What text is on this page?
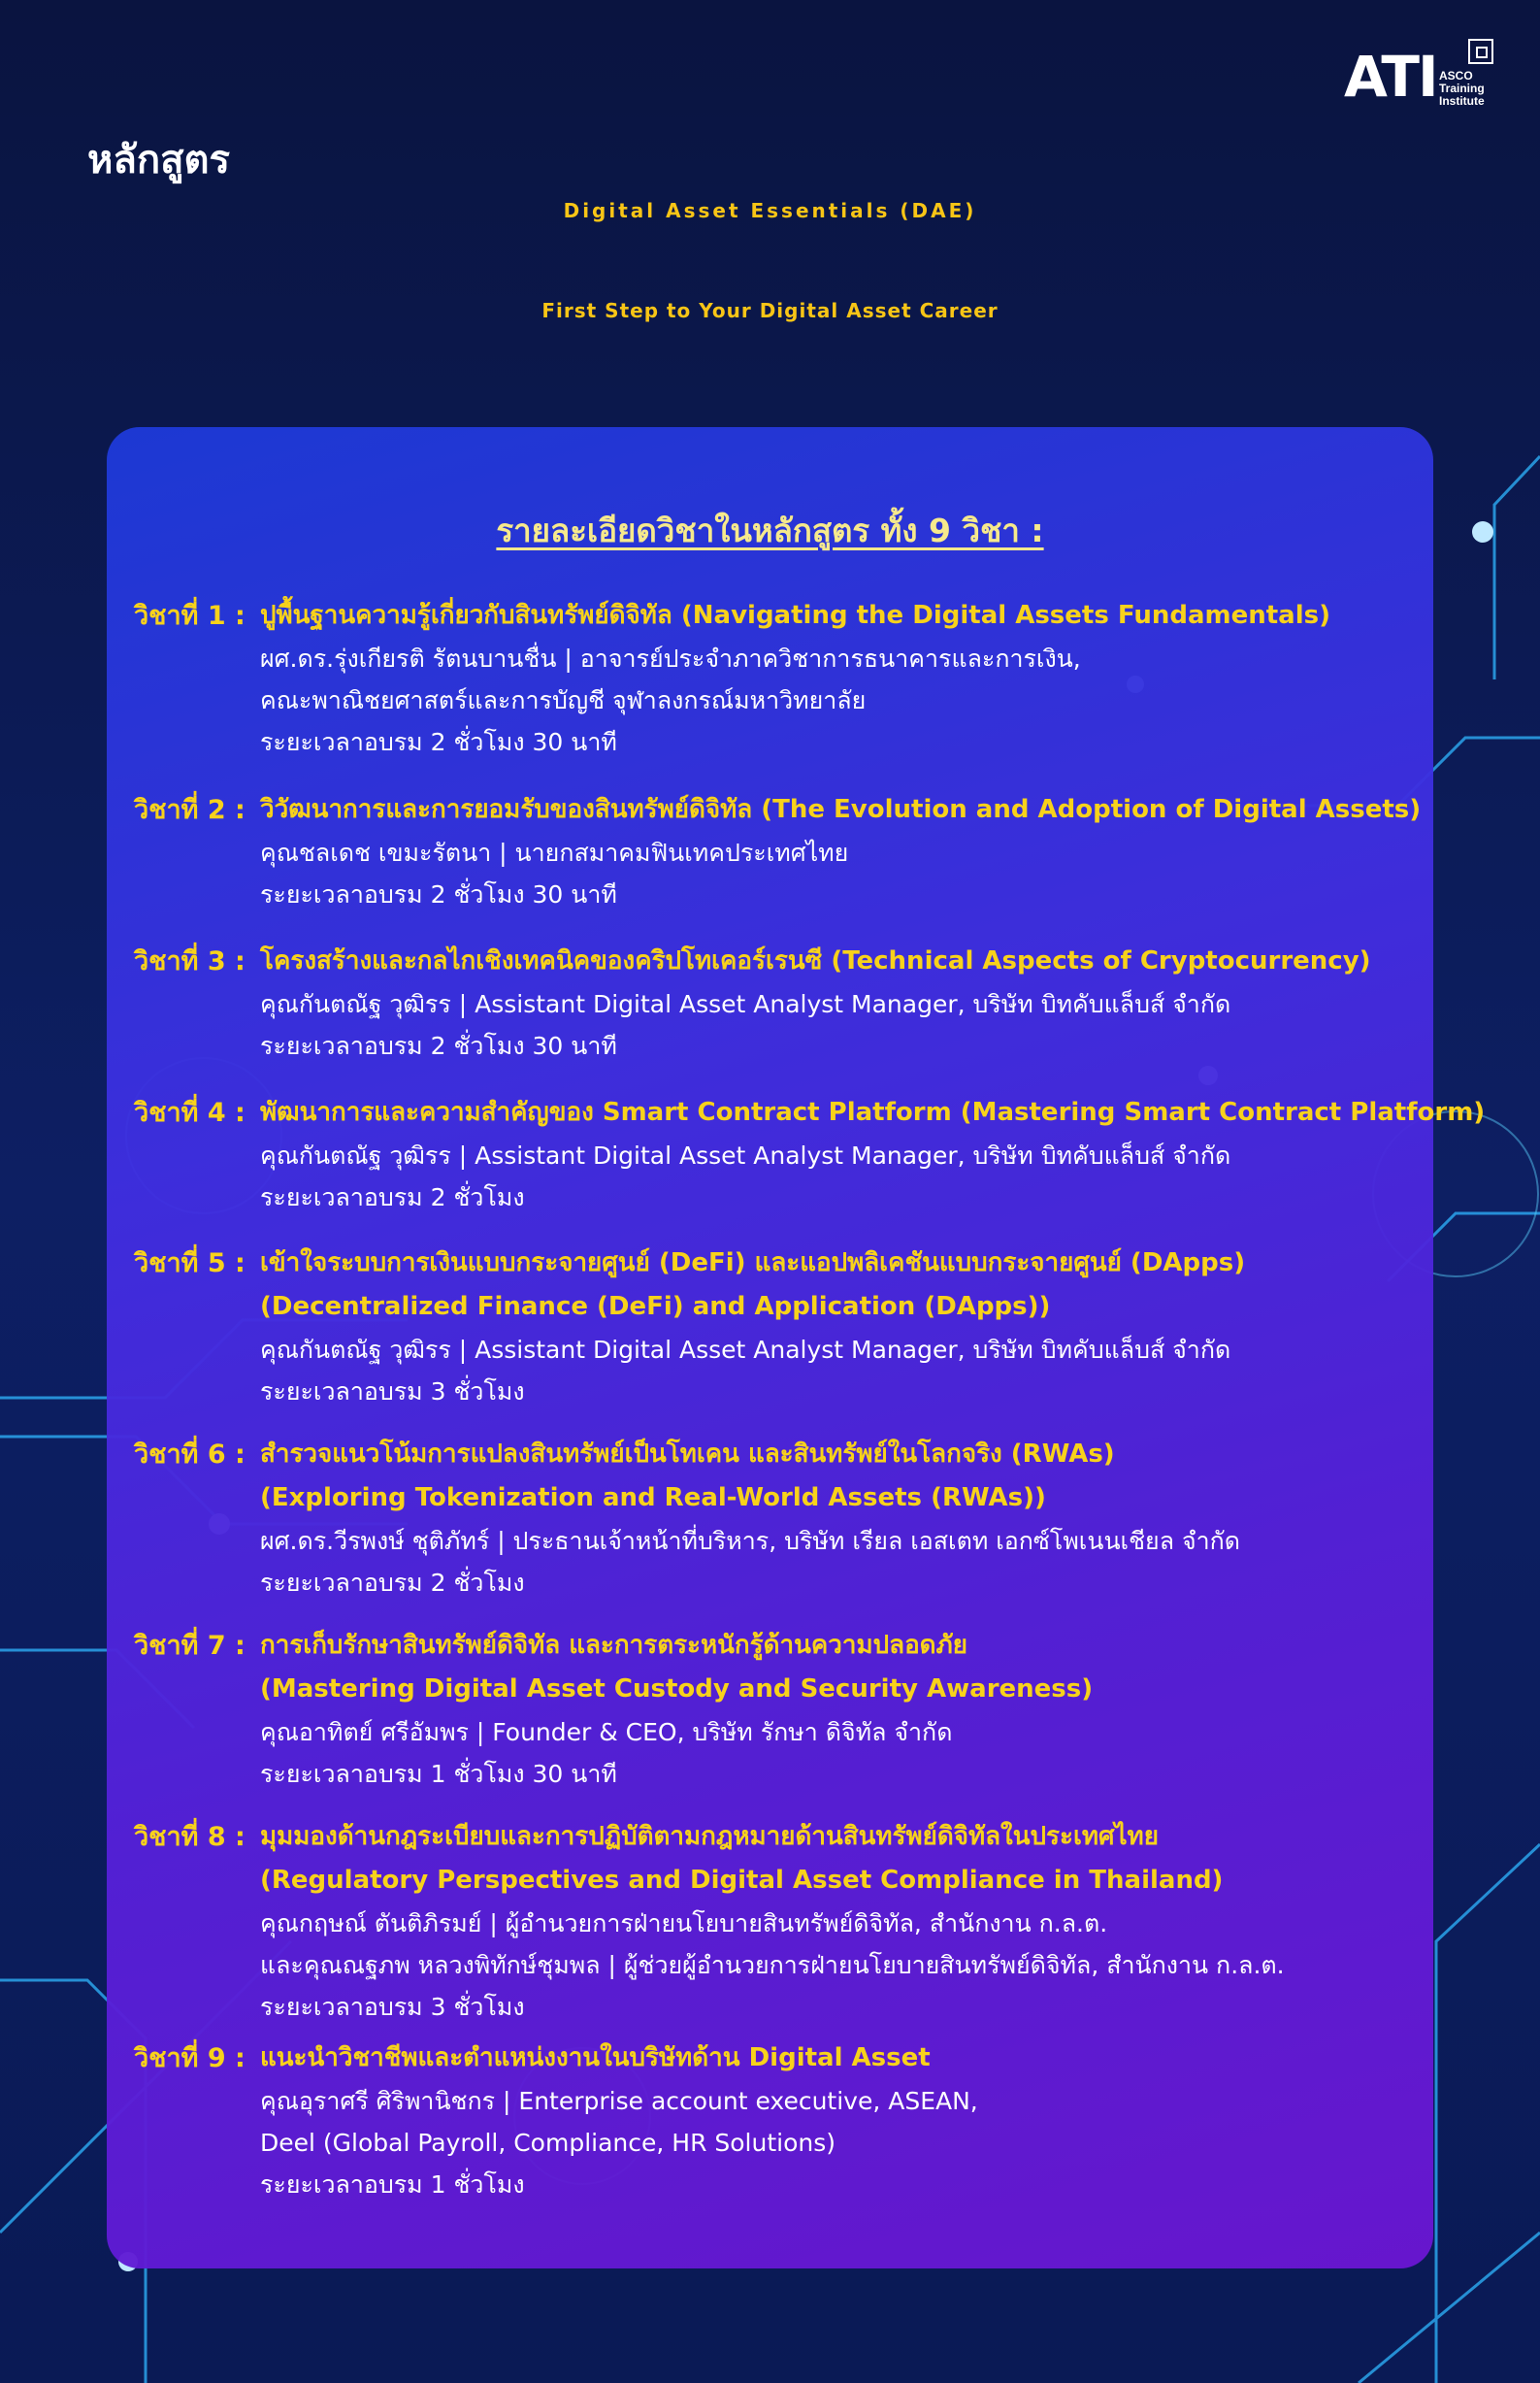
ATI ASCO
Training
Institute
หลักสูตร
Digital Asset Essentials (DAE)
First Step to Your Digital Asset Career
รายละเอียดวิชาในหลักสูตร ทั้ง 9 วิชา :
วิชาที่ 1 : ปูพื้นฐานความรู้เกี่ยวกับสินทรัพย์ดิจิทัล (Navigating the Digital Assets Fundamentals)
ผศ.ดร.รุ่งเกียรติ รัตนบานชื่น | อาจารย์ประจำภาควิชาการธนาคารและการเงิน,
คณะพาณิชยศาสตร์และการบัญชี จุฬาลงกรณ์มหาวิทยาลัย
ระยะเวลาอบรม 2 ชั่วโมง 30 นาที
วิชาที่ 2 : วิวัฒนาการและการยอมรับของสินทรัพย์ดิจิทัล (The Evolution and Adoption of Digital Assets)
คุณชลเดช เขมะรัตนา | นายกสมาคมฟินเทคประเทศไทย
ระยะเวลาอบรม 2 ชั่วโมง 30 นาที
วิชาที่ 3 : โครงสร้างและกลไกเชิงเทคนิคของคริปโทเคอร์เรนซี (Technical Aspects of Cryptocurrency)
คุณกันตณัฐ วุฒิรร | Assistant Digital Asset Analyst Manager, บริษัท บิทคับแล็บส์ จำกัด
ระยะเวลาอบรม 2 ชั่วโมง 30 นาที
วิชาที่ 4 : พัฒนาการและความสำคัญของ Smart Contract Platform (Mastering Smart Contract Platform)
คุณกันตณัฐ วุฒิรร | Assistant Digital Asset Analyst Manager, บริษัท บิทคับแล็บส์ จำกัด
ระยะเวลาอบรม 2 ชั่วโมง
วิชาที่ 5 : เข้าใจระบบการเงินแบบกระจายศูนย์ (DeFi) และแอปพลิเคชันแบบกระจายศูนย์ (DApps)
(Decentralized Finance (DeFi) and Application (DApps))
คุณกันตณัฐ วุฒิรร | Assistant Digital Asset Analyst Manager, บริษัท บิทคับแล็บส์ จำกัด
ระยะเวลาอบรม 3 ชั่วโมง
วิชาที่ 6 : สำรวจแนวโน้มการแปลงสินทรัพย์เป็นโทเคน และสินทรัพย์ในโลกจริง (RWAs)
(Exploring Tokenization and Real-World Assets (RWAs))
ผศ.ดร.วีรพงษ์ ชุติภัทร์ | ประธานเจ้าหน้าที่บริหาร, บริษัท เรียล เอสเตท เอกซ์โพเนนเชียล จำกัด
ระยะเวลาอบรม 2 ชั่วโมง
วิชาที่ 7 : การเก็บรักษาสินทรัพย์ดิจิทัล และการตระหนักรู้ด้านความปลอดภัย
(Mastering Digital Asset Custody and Security Awareness)
คุณอาทิตย์ ศรีอัมพร | Founder & CEO, บริษัท รักษา ดิจิทัล จำกัด
ระยะเวลาอบรม 1 ชั่วโมง 30 นาที
วิชาที่ 8 : มุมมองด้านกฎระเบียบและการปฏิบัติตามกฎหมายด้านสินทรัพย์ดิจิทัลในประเทศไทย
(Regulatory Perspectives and Digital Asset Compliance in Thailand)
คุณกฤษณ์ ตันติภิรมย์ | ผู้อำนวยการฝ่ายนโยบายสินทรัพย์ดิจิทัล, สำนักงาน ก.ล.ต.
และคุณณฐภพ หลวงพิทักษ์ชุมพล | ผู้ช่วยผู้อำนวยการฝ่ายนโยบายสินทรัพย์ดิจิทัล, สำนักงาน ก.ล.ต.
ระยะเวลาอบรม 3 ชั่วโมง
วิชาที่ 9 : แนะนำวิชาชีพและตำแหน่งงานในบริษัทด้าน Digital Asset
คุณอุราศรี ศิริพานิชกร | Enterprise account executive, ASEAN,
Deel (Global Payroll, Compliance, HR Solutions)
ระยะเวลาอบรม 1 ชั่วโมง
